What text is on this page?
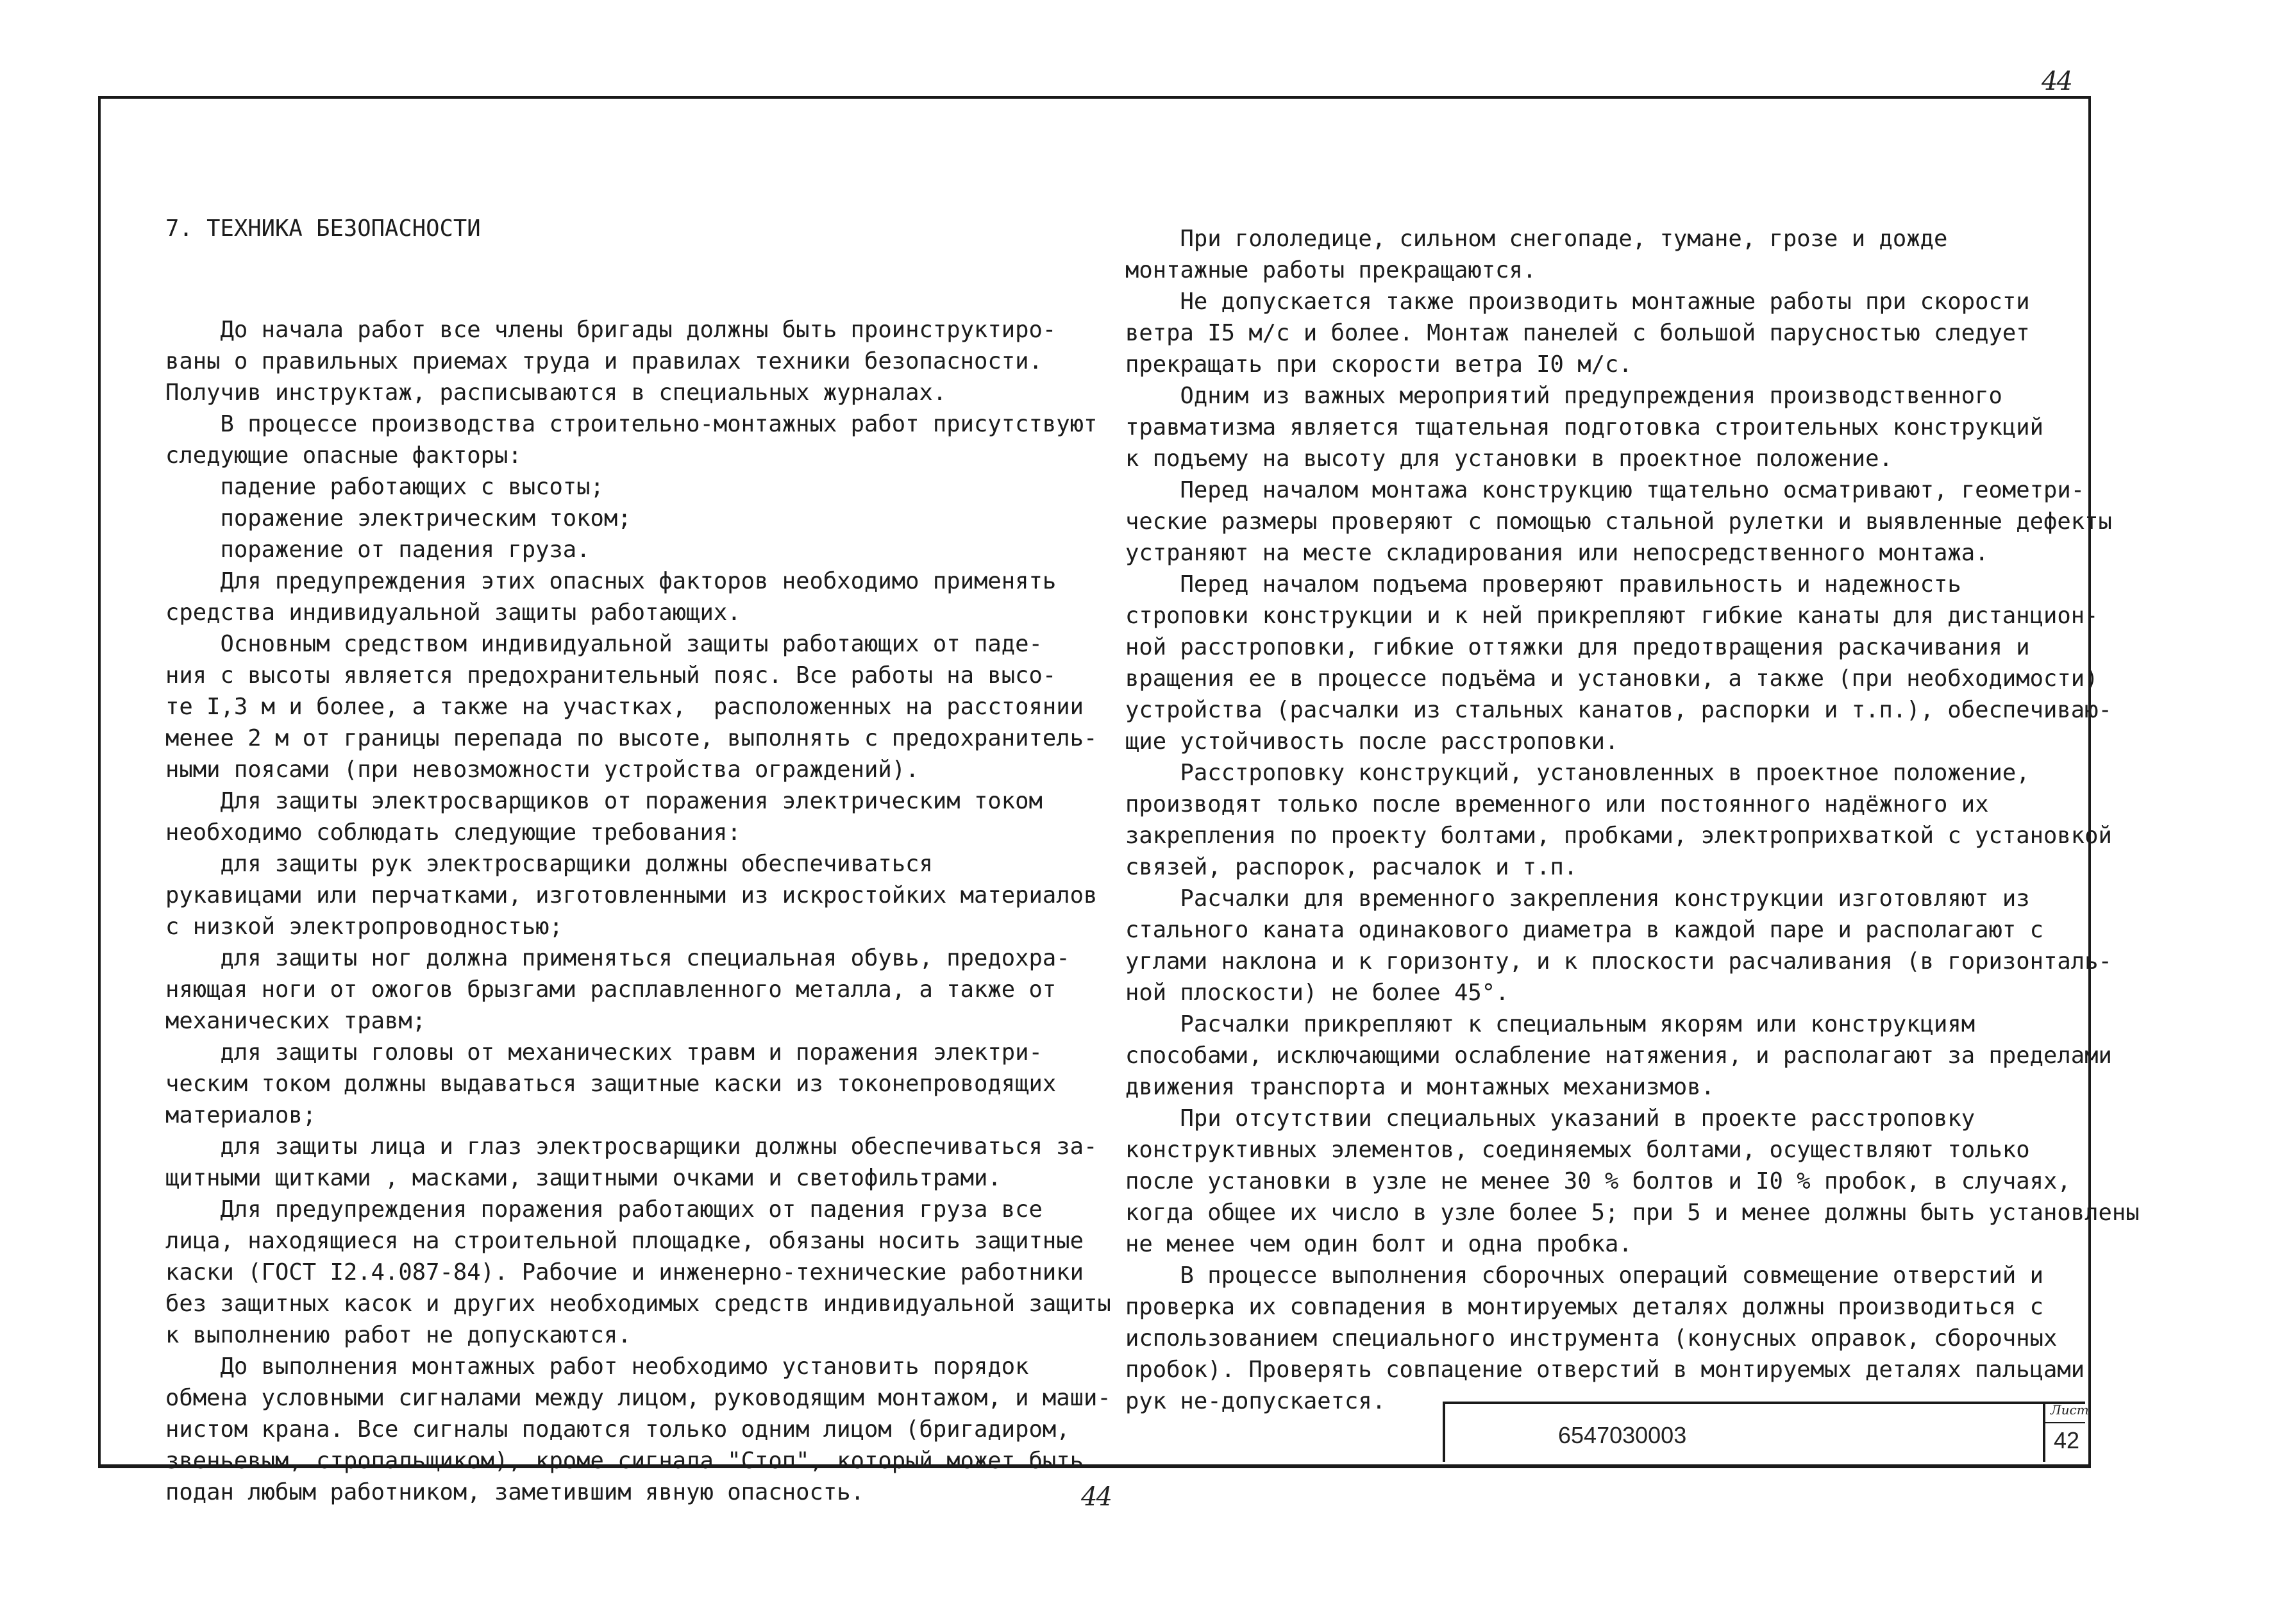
44

7. ТЕХНИКА БЕЗОПАСНОСТИ

До начала работ все члены бригады должны быть проинструктиро-
ваны о правильных приемах труда и правилах техники безопасности.
Получив инструктаж, расписываются в специальных журналах.
В процессе производства строительно-монтажных работ присутствуют
следующие опасные факторы:
падение работающих с высоты;
поражение электрическим током;
поражение от падения груза.
Для предупреждения этих опасных факторов необходимо применять
средства индивидуальной защиты работающих.
Основным средством индивидуальной защиты работающих от паде-
ния с высоты является предохранительный пояс. Все работы на высо-
те I,3 м и более, а также на участках,  расположенных на расстоянии
менее 2 м от границы перепада по высоте, выполнять с предохранитель-
ными поясами (при невозможности устройства ограждений).
Для защиты электросварщиков от поражения электрическим током
необходимо соблюдать следующие требования:
для защиты рук электросварщики должны обеспечиваться
рукавицами или перчатками, изготовленными из искростойких материалов
с низкой электропроводностью;
для защиты ног должна применяться специальная обувь, предохра-
няющая ноги от ожогов брызгами расплавленного металла, а также от
механических травм;
для защиты головы от механических травм и поражения электри-
ческим током должны выдаваться защитные каски из токонепроводящих
материалов;
для защиты лица и глаз электросварщики должны обеспечиваться за-
щитными щитками , масками, защитными очками и светофильтрами.
Для предупреждения поражения работающих от падения груза все
лица, находящиеся на строительной площадке, обязаны носить защитные
каски (ГОСТ I2.4.087-84). Рабочие и инженерно-технические работники
без защитных касок и других необходимых средств индивидуальной защиты
к выполнению работ не допускаются.
До выполнения монтажных работ необходимо установить порядок
обмена условными сигналами между лицом, руководящим монтажом, и маши-
нистом крана. Все сигналы подаются только одним лицом (бригадиром,
звеньевым, стропальщиком), кроме сигнала "Стоп", который может быть
подан любым работником, заметившим явную опасность.

При гололедице, сильном снегопаде, тумане, грозе и дожде
монтажные работы прекращаются.
Не допускается также производить монтажные работы при скорости
ветра I5 м/с и более. Монтаж панелей с большой парусностью следует
прекращать при скорости ветра I0 м/с.
Одним из важных мероприятий предупреждения производственного
травматизма является тщательная подготовка строительных конструкций
к подъему на высоту для установки в проектное положение.
Перед началом монтажа конструкцию тщательно осматривают, геометри-
ческие размеры проверяют с помощью стальной рулетки и выявленные дефекты
устраняют на месте складирования или непосредственного монтажа.
Перед началом подъема проверяют правильность и надежность
строповки конструкции и к ней прикрепляют гибкие канаты для дистанцион-
ной расстроповки, гибкие оттяжки для предотвращения раскачивания и
вращения ее в процессе подъёма и установки, а также (при необходимости)
устройства (расчалки из стальных канатов, распорки и т.п.), обеспечиваю-
щие устойчивость после расстроповки.
Расстроповку конструкций, установленных в проектное положение,
производят только после временного или постоянного надёжного их
закрепления по проекту болтами, пробками, электроприхваткой с установкой
связей, распорок, расчалок и т.п.
Расчалки для временного закрепления конструкции изготовляют из
стального каната одинакового диаметра в каждой паре и располагают с
углами наклона и к горизонту, и к плоскости расчаливания (в горизонталь-
ной плоскости) не более 45°.
Расчалки прикрепляют к специальным якорям или конструкциям
способами, исключающими ослабление натяжения, и располагают за пределами
движения транспорта и монтажных механизмов.
При отсутствии специальных указаний в проекте расстроповку
конструктивных элементов, соединяемых болтами, осуществляют только
после установки в узле не менее 30 % болтов и I0 % пробок, в случаях,
когда общее их число в узле более 5; при 5 и менее должны быть установлены
не менее чем один болт и одна пробка.
В процессе выполнения сборочных операций совмещение отверстий и
проверка их совпадения в монтируемых деталях должны производиться с
использованием специального инструмента (конусных оправок, сборочных
пробок). Проверять совпацение отверстий в монтируемых деталях пальцами
рук не-допускается.

6547030003
Лист
42
44
